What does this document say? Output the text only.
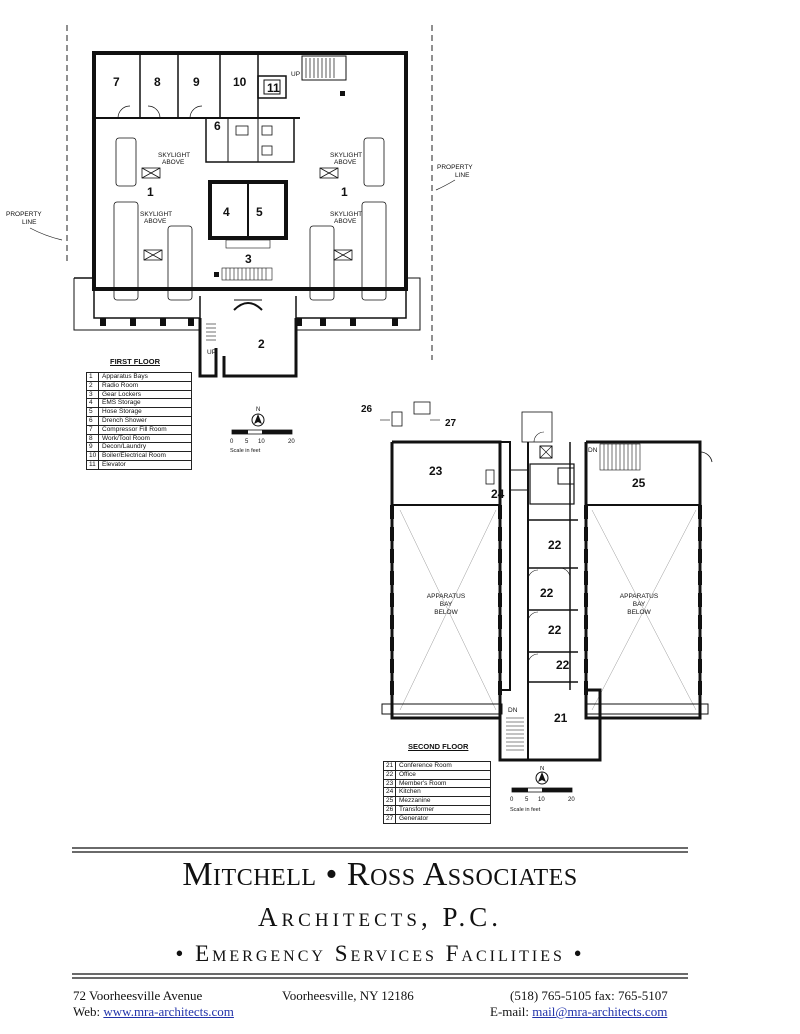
PROPERTY
LINE
PROPERTY
LINE
UP
SKYLIGHT
ABOVE
SKYLIGHT
ABOVE
SKYLIGHT
ABOVE
SKYLIGHT
ABOVE
UP
1	1
2
3
4 5
6
7	8	9	10 11
FIRST FLOOR
1	Apparatus Bays
2	Radio Room
3	Gear Lockers
4	EMS Storage
5	Hose Storage
6	Drench Shower
7	Compressor Fill Room
8	Work/Tool Room
9	Decon/Laundry
10 Boiler/Electrical Room
11 Elevator
N
0 5 10	20
Scale in feet
26
27
DN
DN
APPARATUS
BAY
BELOW
APPARATUS
BAY
BELOW
21
22
22
22
22
23
24
25
SECOND FLOOR
21 Conference Room
22 Office
23 Member's Room
24 Kitchen
25 Mezzanine
26 Transformer
27 Generator
N
0 5 10	20
Scale in feet
Mitchell • Ross Associates
Architects, P.C.
• Emergency Services Facilities •
72 Voorheesville Avenue	Voorheesville, NY 12186	(518) 765-5105 fax: 765-5107
Web: www.mra-architects.com	E-mail: mail@mra-architects.com
